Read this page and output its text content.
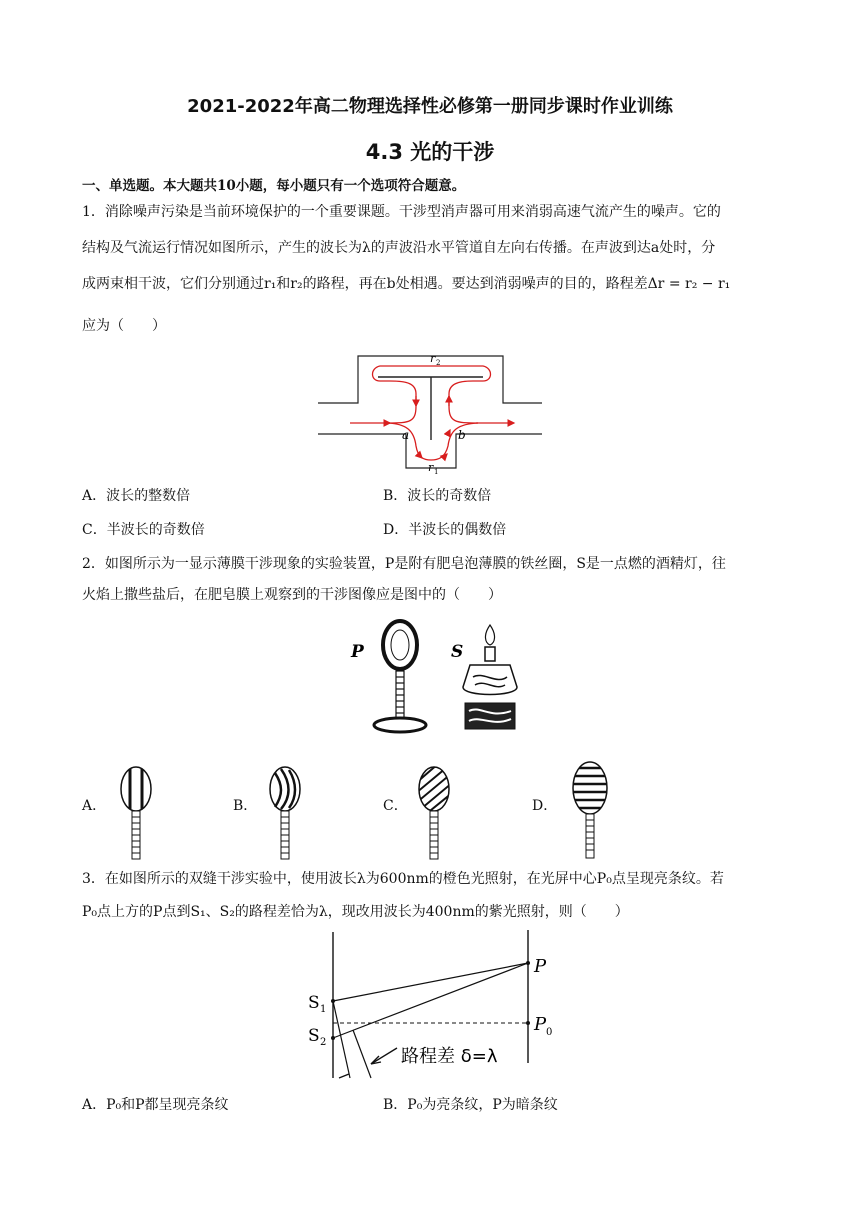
2021-2022年高二物理选择性必修第一册同步课时作业训练
4.3 光的干涉
一、单选题。本大题共10小题，每小题只有一个选项符合题意。
1．消除噪声污染是当前环境保护的一个重要课题。干涉型消声器可用来消弱高速气流产生的噪声。它的
结构及气流运行情况如图所示，产生的波长为λ的声波沿水平管道自左向右传播。在声波到达a处时，分
成两束相干波，它们分别通过r₁和r₂的路程，再在b处相遇。要达到消弱噪声的目的，路程差Δr = r₂ − r₁
应为（　　）
r 2
a	b
r 1
A．波长的整数倍	B．波长的奇数倍
C．半波长的奇数倍	D．半波长的偶数倍
2．如图所示为一显示薄膜干涉现象的实验装置，P是附有肥皂泡薄膜的铁丝圈，S是一点燃的酒精灯，往
火焰上撒些盐后，在肥皂膜上观察到的干涉图像应是图中的（　　）
P	S
A．	B．	C．	D．
3．在如图所示的双缝干涉实验中，使用波长λ为600nm的橙色光照射，在光屏中心P₀点呈现亮条纹。若
P₀点上方的P点到S₁、S₂的路程差恰为λ，现改用波长为400nm的紫光照射，则（　　）
S 1
S 2
P
P 0
路程差 δ=λ
A．P₀和P都呈现亮条纹	B．P₀为亮条纹，P为暗条纹
